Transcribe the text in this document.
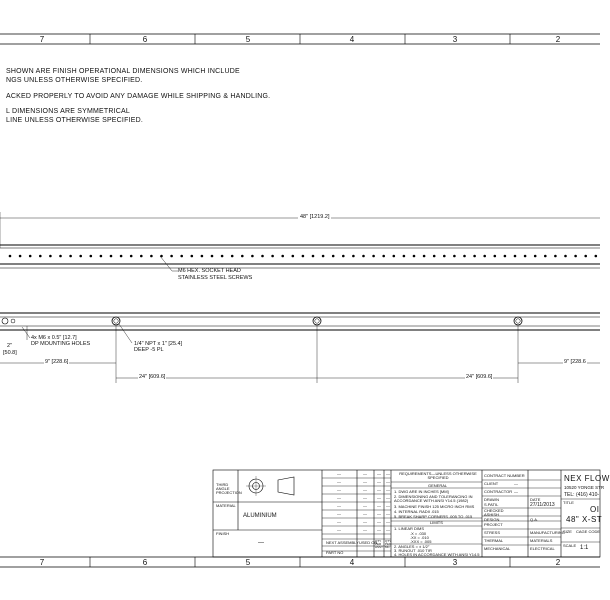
7	6	5	4	3	2
7	6	5	4	3	2
SHOWN ARE FINISH OPERATIONAL DIMENSIONS WHICH INCLUDE
NGS UNLESS OTHERWISE SPECIFIED.
ACKED PROPERLY TO AVOID ANY DAMAGE WHILE SHIPPING & HANDLING.
L DIMENSIONS ARE SYMMETRICAL
LINE UNLESS OTHERWISE SPECIFIED.
48" [1219.2]
M6 HEX. SOCKET HEAD
STAINLESS STEEL SCREWS
4x M6 x 0.5" [12.7]
DP MOUNTING HOLES
2"
[50.8]
1/4" NPT x 1" [25.4]
DEEP -5 PL
9" [228.6]	9" [228.6
24" [609.6]	24" [609.6]
THIRD ANGLE PROJECTION
MATERIAL
ALUMINIUM
FINISH
—
—	—	— —
—	—	— —
—	—	— —
—	—	— —
—	—	— —
—	—	— —
—	—	— —
—	—	— —
NEXT ASSEMBLY USED ON
QTY PER ASSY
QTY PER MC
PART NO
REQUIREMENTS—UNLESS OTHERWISE SPECIFIED
GENERAL
1. DWG ARE IN INCHES [MM]
2. DIMENSIONING AND TOLERANCING IN ACCORDANCE WITH ANSI Y14.5 (1982)
3. MACHINE FINISH 125 MICRO INCH RMS
4. INTERNAL RADII .015
5. BREAK SHARP CORNERS .005 TO .015
LIMITS
1. LINEAR DIMS
.X = .030
.XX = .010
.XXX = .005
2. ANGLES = ± 1/2°
3. RUNOUT .010 TIR
4. HOLES IN ACCORDANCE WITH ANSI Y14.5
CONTRACT NUMBER
—
CLIENT
CONTRACTOR —
DRAWN
S.PATIL
DATE
27/11/2013
CHECKED
ASHISH
DESIGN	Q.A.
PROJECT
STRESS	MANUFACTURING
THERMAL	MATERIALS
MECHANICAL	ELECTRICAL
NEX FLOW
10520 YONGE STR
TEL: (416) 410-
TITLE
OI
48" X-ST
SIZE CAGE CODE
SCALE 1:1
